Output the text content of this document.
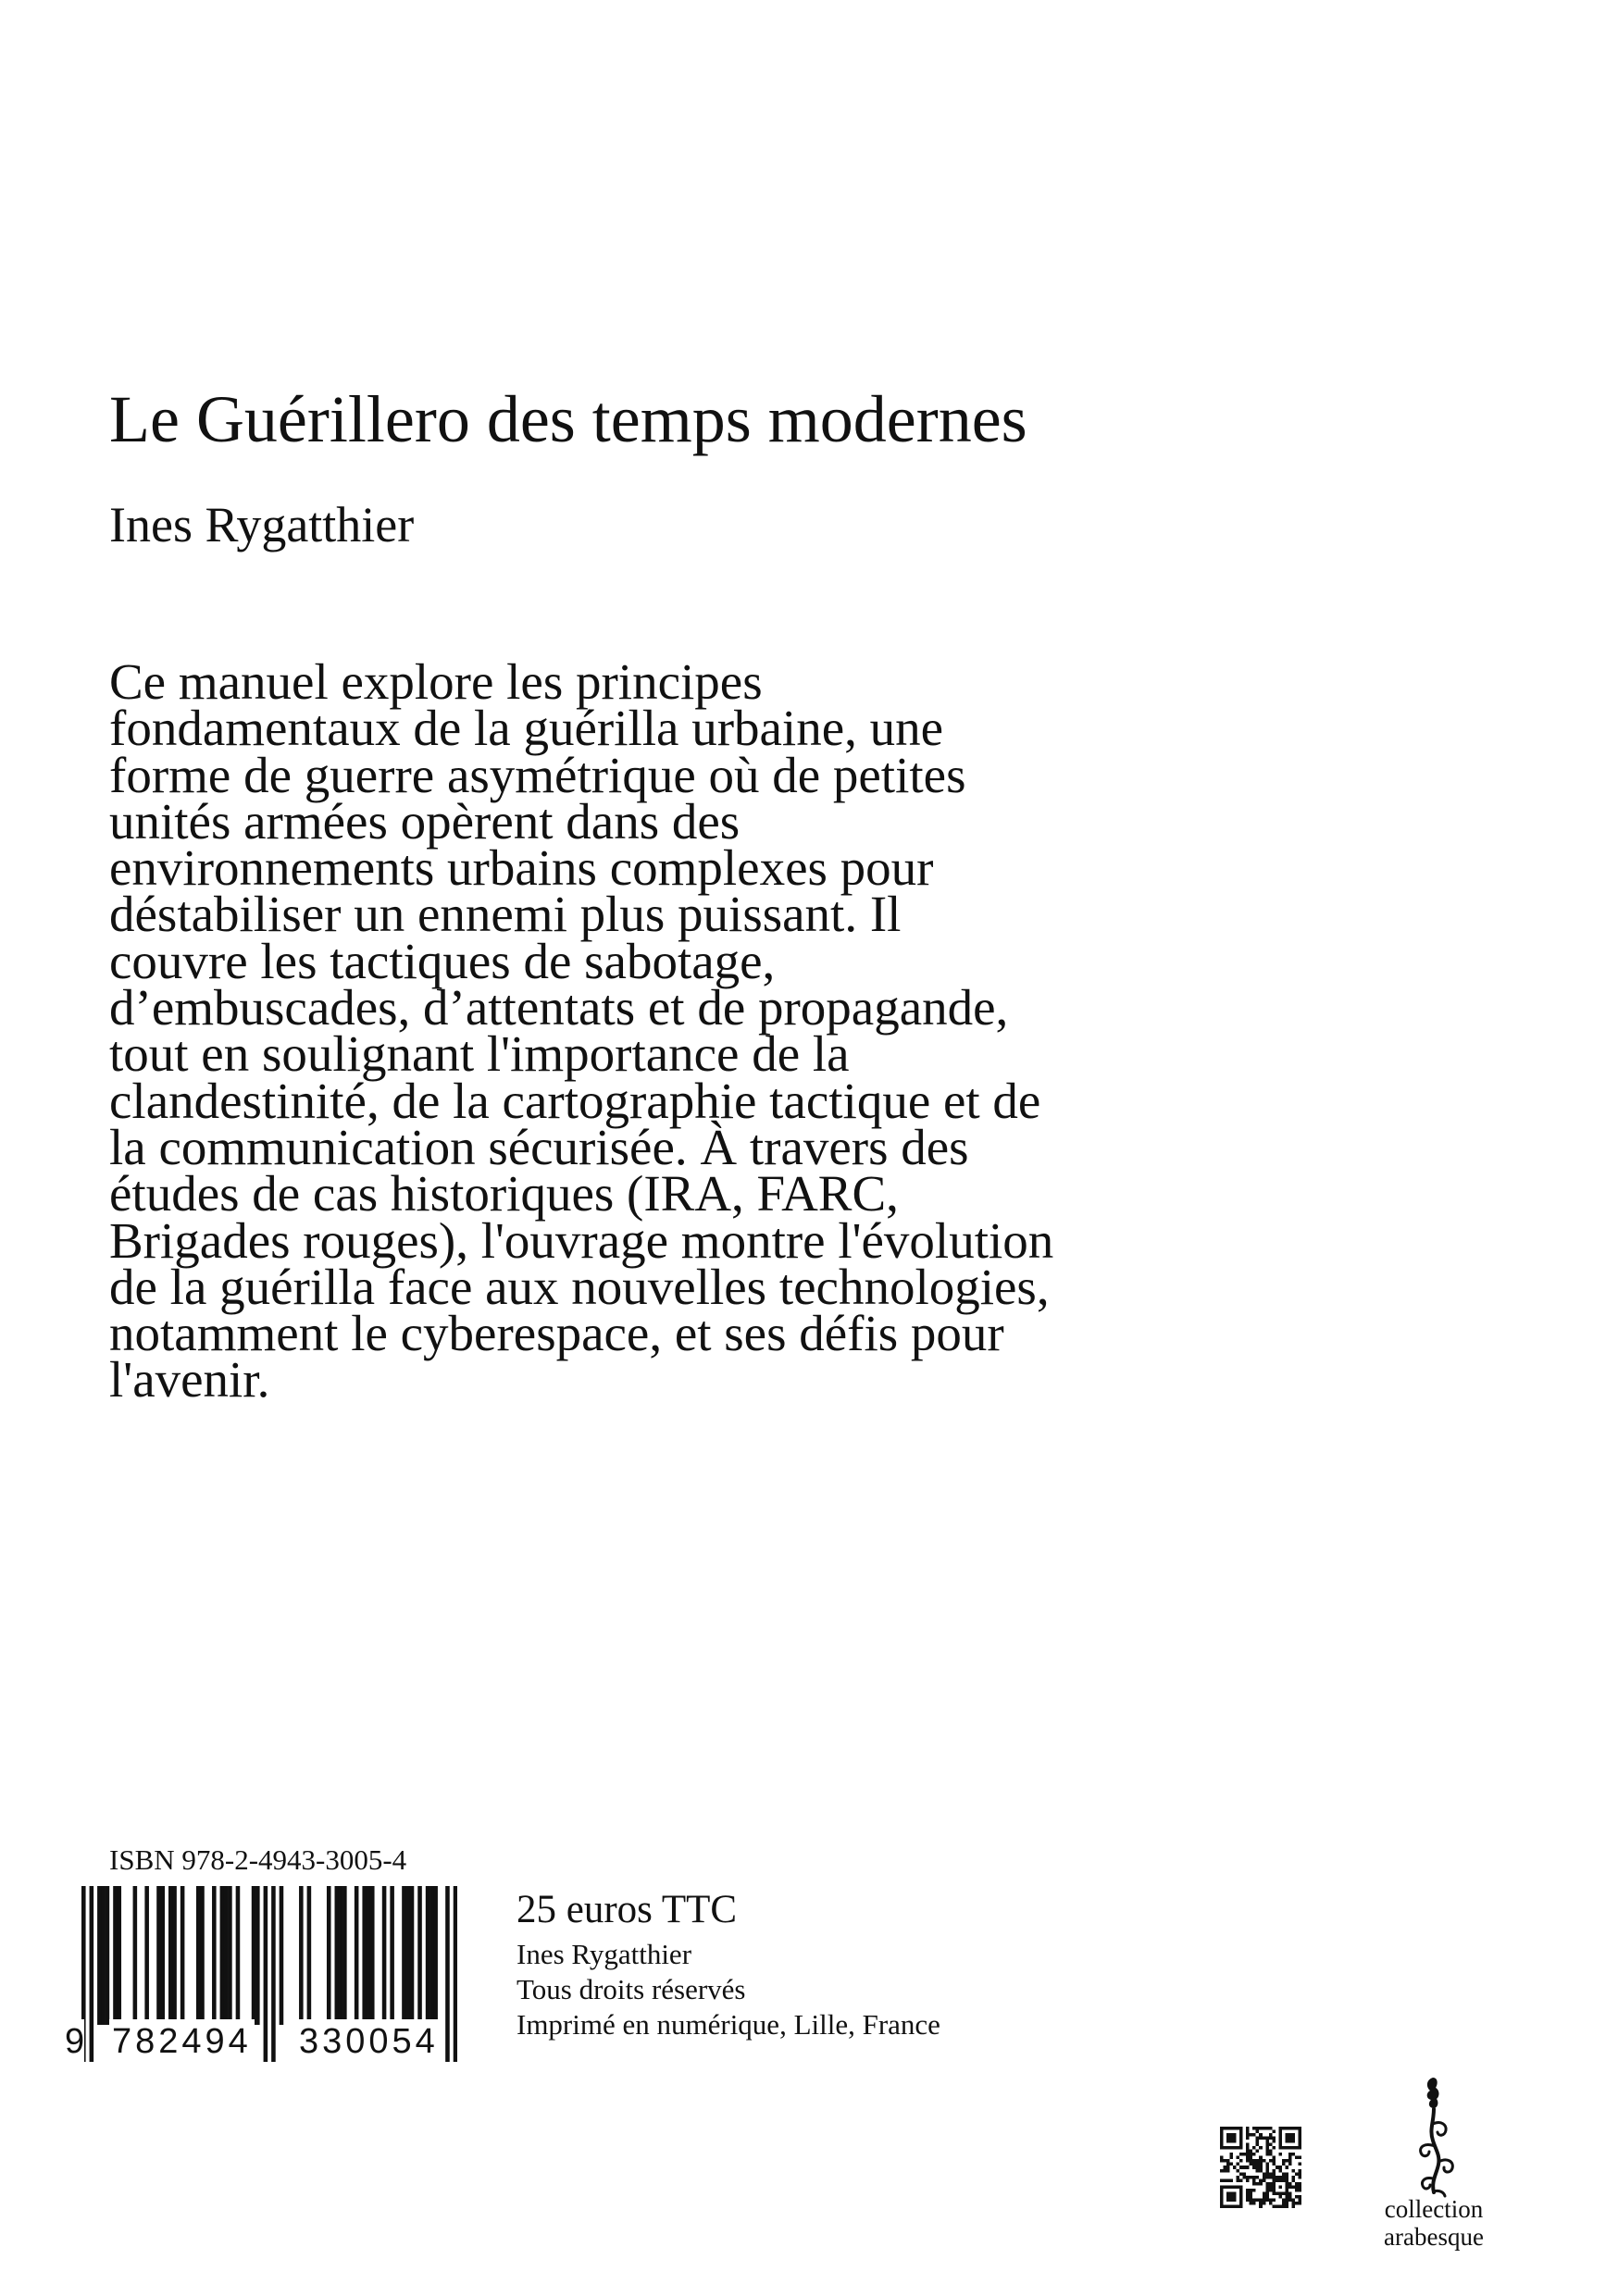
Le Guérillero des temps modernes
Ines Rygatthier
Ce manuel explore les principes
fondamentaux de la guérilla urbaine, une
forme de guerre asymétrique où de petites
unités armées opèrent dans des
environnements urbains complexes pour
déstabiliser un ennemi plus puissant. Il
couvre les tactiques de sabotage,
d’embuscades, d’attentats et de propagande,
tout en soulignant l'importance de la
clandestinité, de la cartographie tactique et de
la communication sécurisée. À travers des
études de cas historiques (IRA, FARC,
Brigades rouges), l'ouvrage montre l'évolution
de la guérilla face aux nouvelles technologies,
notamment le cyberespace, et ses défis pour
l'avenir.
ISBN 978-2-4943-3005-4
9 782494 330054
25 euros TTC
Ines Rygatthier
Tous droits réservés
Imprimé en numérique, Lille, France
collection
arabesque
